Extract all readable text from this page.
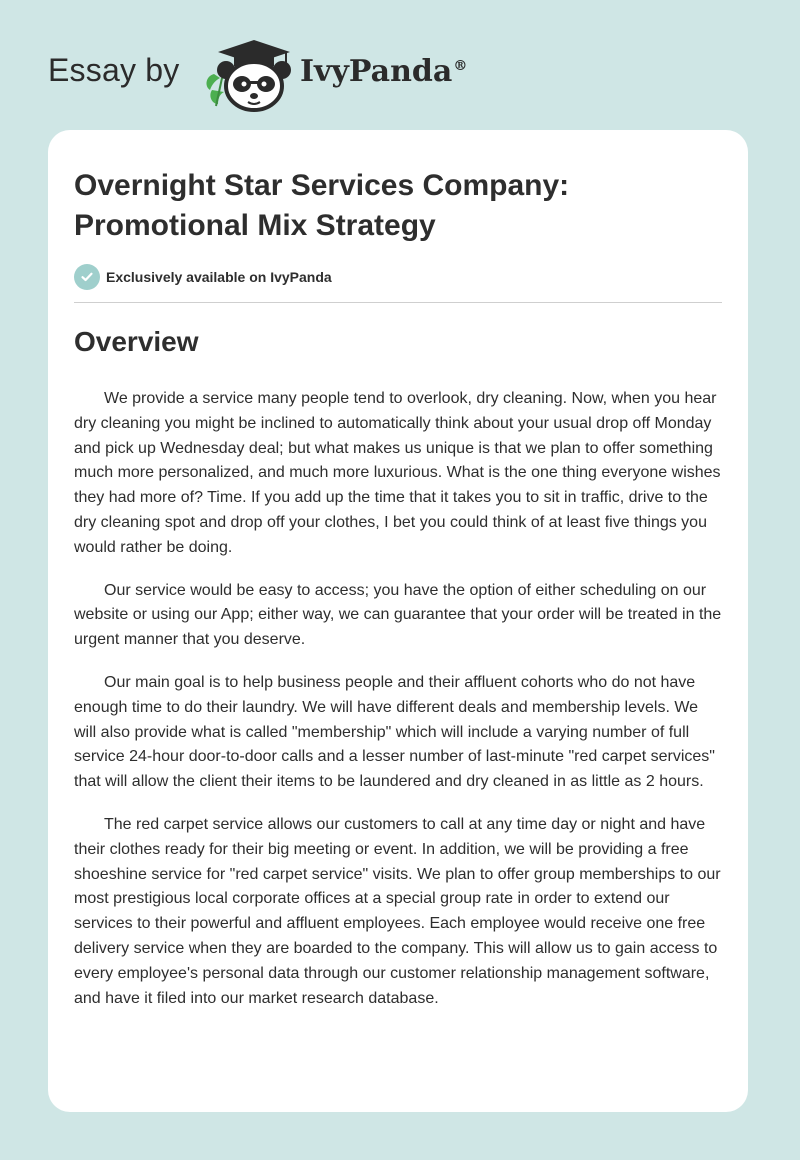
Essay by	IvyPanda®
Overnight Star Services Company: Promotional Mix Strategy
Exclusively available on IvyPanda
Overview

We provide a service many people tend to overlook, dry cleaning. Now, when you hear dry cleaning you might be inclined to automatically think about your usual drop off Monday and pick up Wednesday deal; but what makes us unique is that we plan to offer something much more personalized, and much more luxurious. What is the one thing everyone wishes they had more of? Time. If you add up the time that it takes you to sit in traffic, drive to the dry cleaning spot and drop off your clothes, I bet you could think of at least five things you would rather be doing.

Our service would be easy to access; you have the option of either scheduling on our website or using our App; either way, we can guarantee that your order will be treated in the urgent manner that you deserve.

Our main goal is to help business people and their affluent cohorts who do not have enough time to do their laundry. We will have different deals and membership levels. We will also provide what is called "membership" which will include a varying number of full service 24-hour door-to-door calls and a lesser number of last-minute "red carpet services" that will allow the client their items to be laundered and dry cleaned in as little as 2 hours.

The red carpet service allows our customers to call at any time day or night and have their clothes ready for their big meeting or event. In addition, we will be providing a free shoeshine service for "red carpet service" visits. We plan to offer group memberships to our most prestigious local corporate offices at a special group rate in order to extend our services to their powerful and affluent employees. Each employee would receive one free delivery service when they are boarded to the company. This will allow us to gain access to every employee's personal data through our customer relationship management software, and have it filed into our market research database.
